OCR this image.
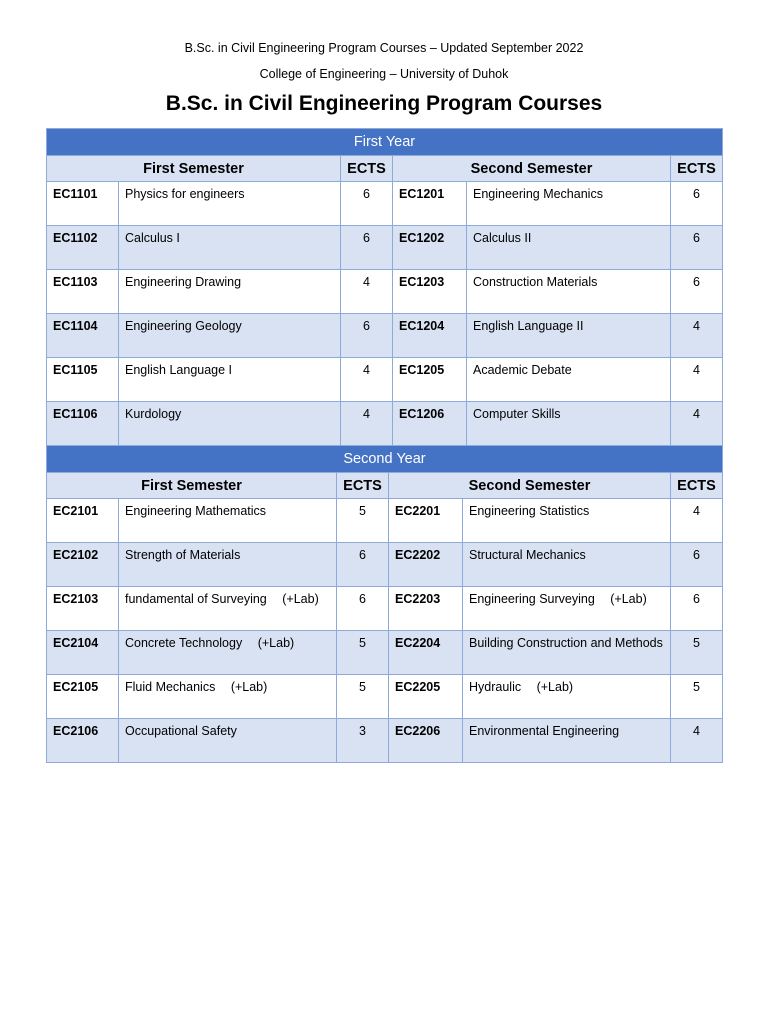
B.Sc. in Civil Engineering Program Courses – Updated September 2022
College of Engineering – University of Duhok
B.Sc. in Civil Engineering Program Courses
First Year					
First Semester		ECTS	Second Semester		ECTS
EC1101	Physics for engineers	6	EC1201	Engineering Mechanics	6
EC1102	Calculus I	6	EC1202	Calculus II	6
EC1103	Engineering Drawing	4	EC1203	Construction Materials	6
EC1104	Engineering Geology	6	EC1204	English Language II	4
EC1105	English Language I	4	EC1205	Academic Debate	4
EC1106	Kurdology	4	EC1206	Computer Skills	4
Second Year					
First Semester		ECTS	Second Semester		ECTS
EC2101	Engineering Mathematics	5	EC2201	Engineering Statistics	4
EC2102	Strength of Materials	6	EC2202	Structural Mechanics	6
EC2103	fundamental of Surveying (+Lab)	6	EC2203	Engineering Surveying (+Lab)	6
EC2104	Concrete Technology (+Lab)	5	EC2204	Building Construction and Methods	5
EC2105	Fluid Mechanics (+Lab)	5	EC2205	Hydraulic (+Lab)	5
EC2106	Occupational Safety	3	EC2206	Environmental Engineering	4
